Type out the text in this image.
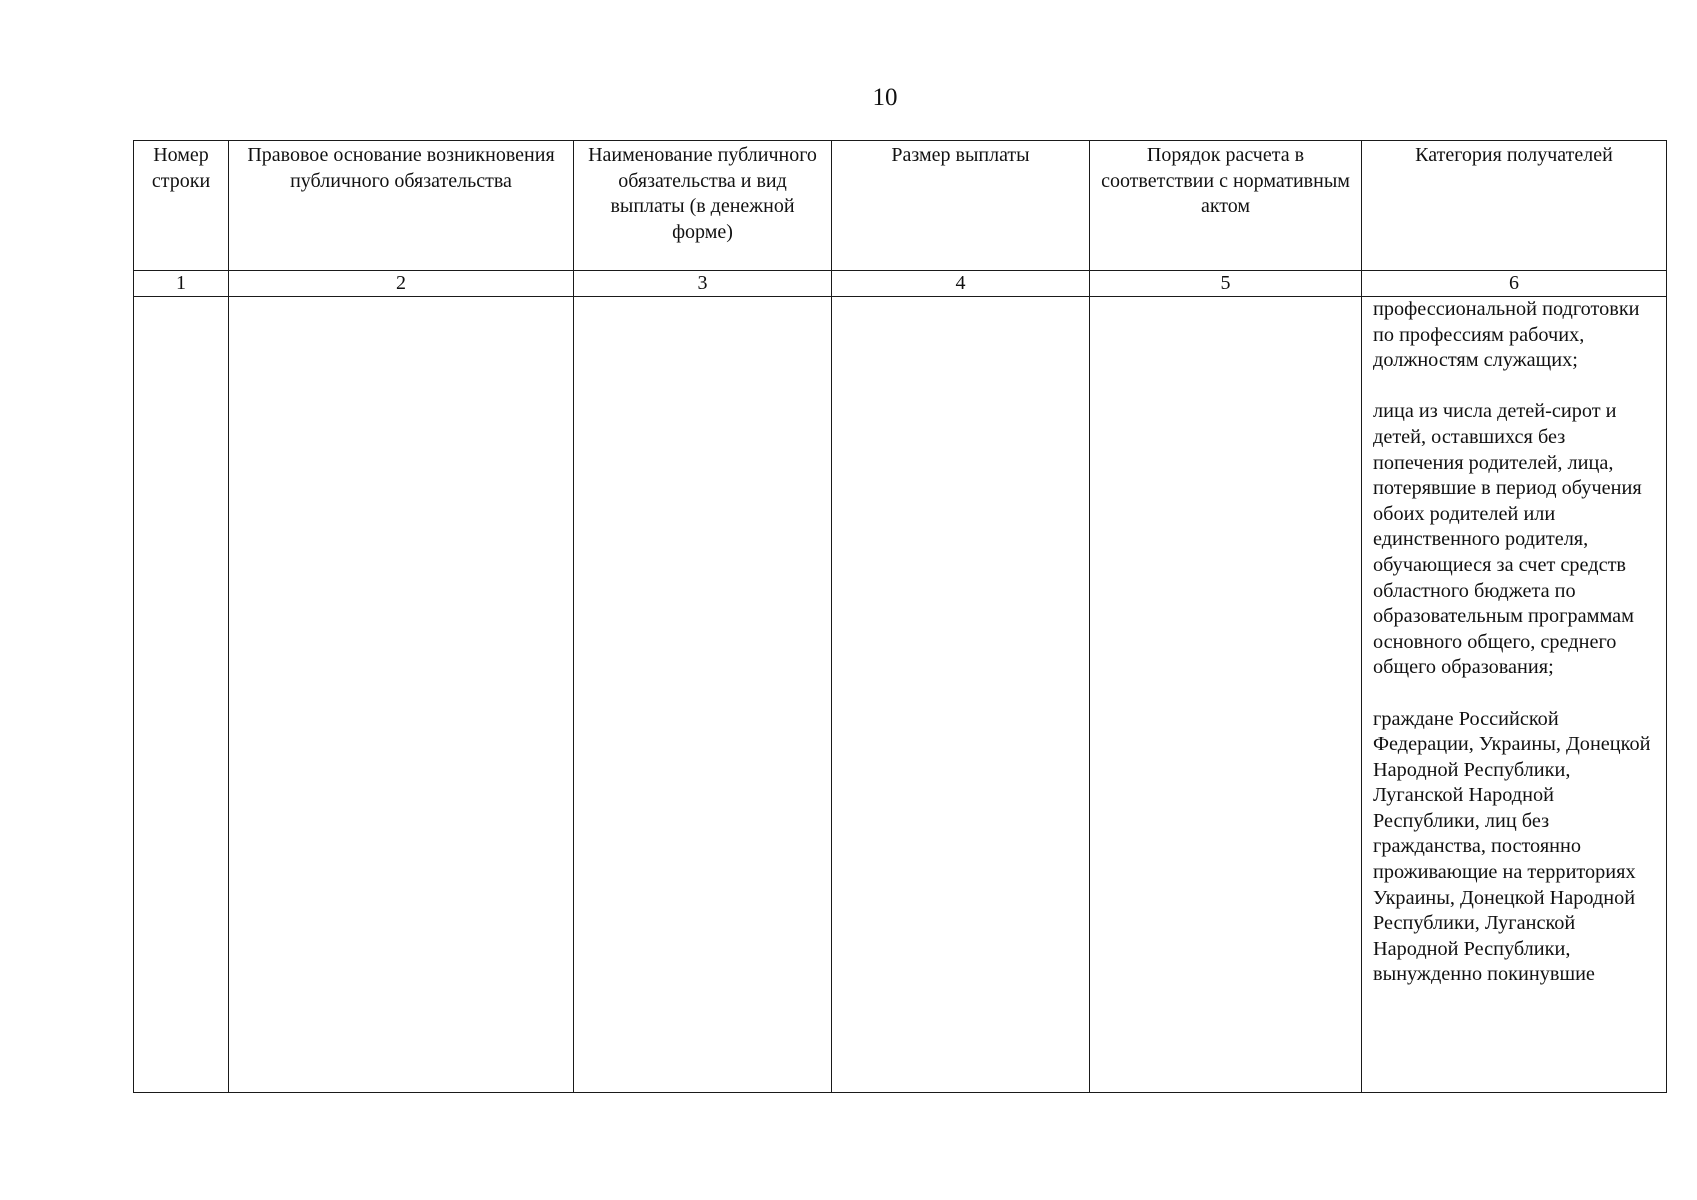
10
Номер строки	Правовое основание возникновения публичного обязательства	Наименование публичного обязательства и вид выплаты (в денежной форме)	Размер выплаты	Порядок расчета в соответствии с нормативным актом	Категория получателей

1	2	3	4	5	6

					профессиональной подготовки по профессиям рабочих, должностям служащих;

лица из числа детей-сирот и детей, оставшихся без попечения родителей, лица, потерявшие в период обучения обоих родителей или единственного родителя, обучающиеся за счет средств областного бюджета по образовательным программам основного общего, среднего общего образования;

граждане Российской Федерации, Украины, Донецкой Народной Республики, Луганской Народной Республики, лиц без гражданства, постоянно проживающие на территориях Украины, Донецкой Народной Республики, Луганской Народной Республики, вынужденно покинувшие
